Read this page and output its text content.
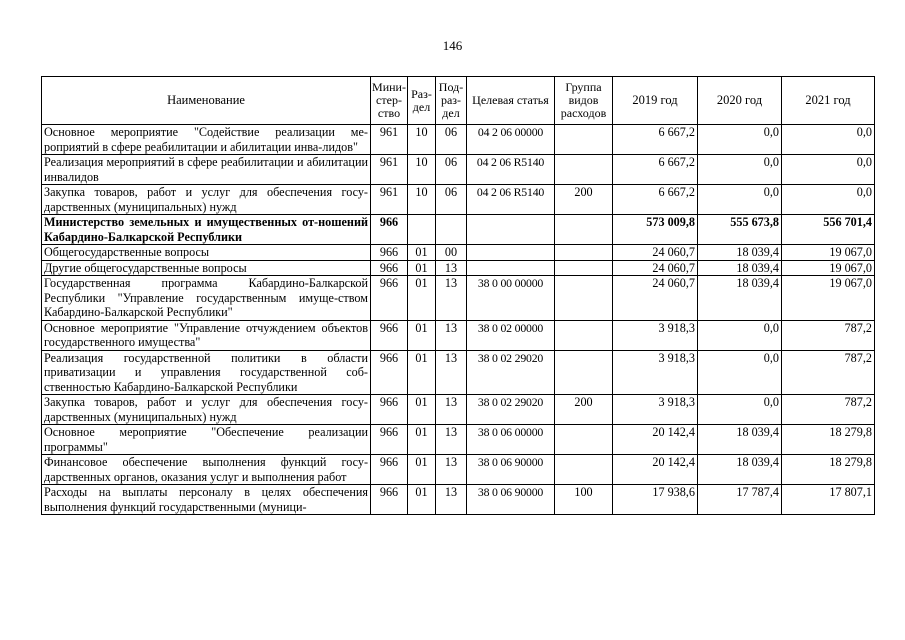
146
Наименование	Мини-стер-ство	Раз-дел	Под-раз-дел	Целевая статья	Группа видов расходов	2019 год	2020 год	2021 год
Основное мероприятие "Содействие реализации ме-роприятий в сфере реабилитации и абилитации инва-лидов"	961	10	06	04 2 06 00000		6 667,2	0,0	0,0
Реализация мероприятий в сфере реабилитации и абилитации инвалидов	961	10	06	04 2 06 R5140		6 667,2	0,0	0,0
Закупка товаров, работ и услуг для обеспечения госу-дарственных (муниципальных) нужд	961	10	06	04 2 06 R5140	200	6 667,2	0,0	0,0
Министерство земельных и имущественных от-ношений Кабардино-Балкарской Республики	966					573 009,8	555 673,8	556 701,4
Общегосударственные вопросы	966	01	00			24 060,7	18 039,4	19 067,0
Другие общегосударственные вопросы	966	01	13			24 060,7	18 039,4	19 067,0
Государственная программа Кабардино-Балкарской Республики "Управление государственным имуще-ством Кабардино-Балкарской Республики"	966	01	13	38 0 00 00000		24 060,7	18 039,4	19 067,0
Основное мероприятие "Управление отчуждением объектов государственного имущества"	966	01	13	38 0 02 00000		3 918,3	0,0	787,2
Реализация государственной политики в области приватизации и управления государственной соб-ственностью Кабардино-Балкарской Республики	966	01	13	38 0 02 29020		3 918,3	0,0	787,2
Закупка товаров, работ и услуг для обеспечения госу-дарственных (муниципальных) нужд	966	01	13	38 0 02 29020	200	3 918,3	0,0	787,2
Основное мероприятие "Обеспечение реализации программы"	966	01	13	38 0 06 00000		20 142,4	18 039,4	18 279,8
Финансовое обеспечение выполнения функций госу-дарственных органов, оказания услуг и выполнения работ	966	01	13	38 0 06 90000		20 142,4	18 039,4	18 279,8
Расходы на выплаты персоналу в целях обеспечения выполнения функций государственными (муници-	966	01	13	38 0 06 90000	100	17 938,6	17 787,4	17 807,1
